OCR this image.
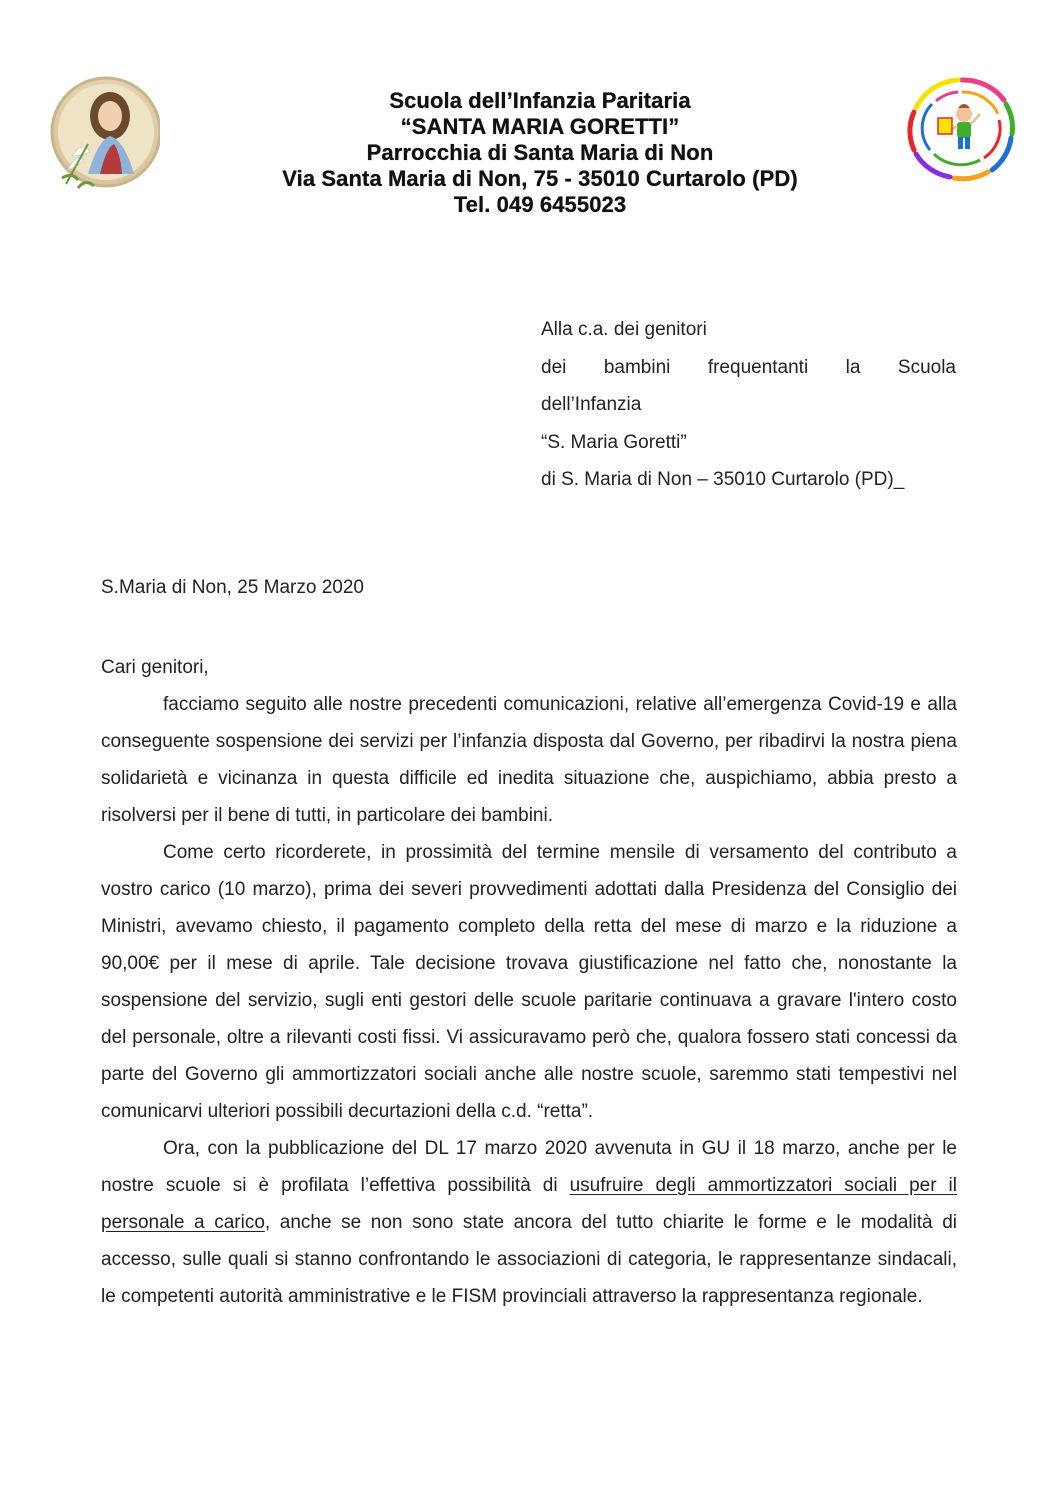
Scuola dell’Infanzia Paritaria
“SANTA MARIA GORETTI”
Parrocchia di Santa Maria di Non
Via Santa Maria di Non, 75 - 35010 Curtarolo (PD)
Tel. 049 6455023
Alla c.a. dei genitori
dei bambini frequentanti la Scuola
dell’Infanzia
“S. Maria Goretti”
di S. Maria di Non – 35010 Curtarolo (PD)_
S.Maria di Non, 25 Marzo 2020
Cari genitori,

facciamo seguito alle nostre precedenti comunicazioni, relative all’emergenza Covid-19 e alla conseguente sospensione dei servizi per l’infanzia disposta dal Governo, per ribadirvi la nostra piena solidarietà e vicinanza in questa difficile ed inedita situazione che, auspichiamo, abbia presto a risolversi per il bene di tutti, in particolare dei bambini.

Come certo ricorderete, in prossimità del termine mensile di versamento del contributo a vostro carico (10 marzo), prima dei severi provvedimenti adottati dalla Presidenza del Consiglio dei Ministri, avevamo chiesto, il pagamento completo della retta del mese di marzo e la riduzione a 90,00€ per il mese di aprile. Tale decisione trovava giustificazione nel fatto che, nonostante la sospensione del servizio, sugli enti gestori delle scuole paritarie continuava a gravare l'intero costo del personale, oltre a rilevanti costi fissi. Vi assicuravamo però che, qualora fossero stati concessi da parte del Governo gli ammortizzatori sociali anche alle nostre scuole, saremmo stati tempestivi nel comunicarvi ulteriori possibili decurtazioni della c.d. “retta”.

Ora, con la pubblicazione del DL 17 marzo 2020 avvenuta in GU il 18 marzo, anche per le nostre scuole si è profilata l’effettiva possibilità di usufruire degli ammortizzatori sociali per il personale a carico, anche se non sono state ancora del tutto chiarite le forme e le modalità di accesso, sulle quali si stanno confrontando le associazioni di categoria, le rappresentanze sindacali, le competenti autorità amministrative e le FISM provinciali attraverso la rappresentanza regionale.
